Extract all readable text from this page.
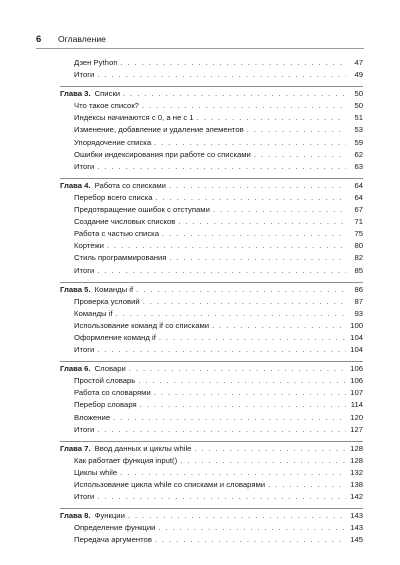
6	Оглавление
Дзен Python . . .	47
Итоги . . .	49
Глава 3. Списки . . .	50
Что такое список? . . .	50
Индексы начинаются с 0, а не с 1 . . .	51
Изменение, добавление и удаление элементов . . .	53
Упорядочение списка . . .	59
Ошибки индексирования при работе со списками . . .	62
Итоги . . .	63
Глава 4. Работа со списками . . .	64
Перебор всего списка . . .	64
Предотвращение ошибок с отступами . . .	67
Создание числовых списков . . .	71
Работа с частью списка . . .	75
Кортежи . . .	80
Стиль программирования . . .	82
Итоги . . .	85
Глава 5. Команды if . . .	86
Проверка условий . . .	87
Команды if . . .	93
Использование команд if со списками . . .	100
Оформление команд if . . .	104
Итоги . . .	104
Глава 6. Словари . . .	106
Простой словарь . . .	106
Работа со словарями . . .	107
Перебор словаря . . .	114
Вложение . . .	120
Итоги . . .	127
Глава 7. Ввод данных и циклы while . . .	128
Как работает функция input() . . .	128
Циклы while . . .	132
Использование цикла while со списками и словарями . . .	138
Итоги . . .	142
Глава 8. Функции . . .	143
Определение функции . . .	143
Передача аргументов . . .	145
